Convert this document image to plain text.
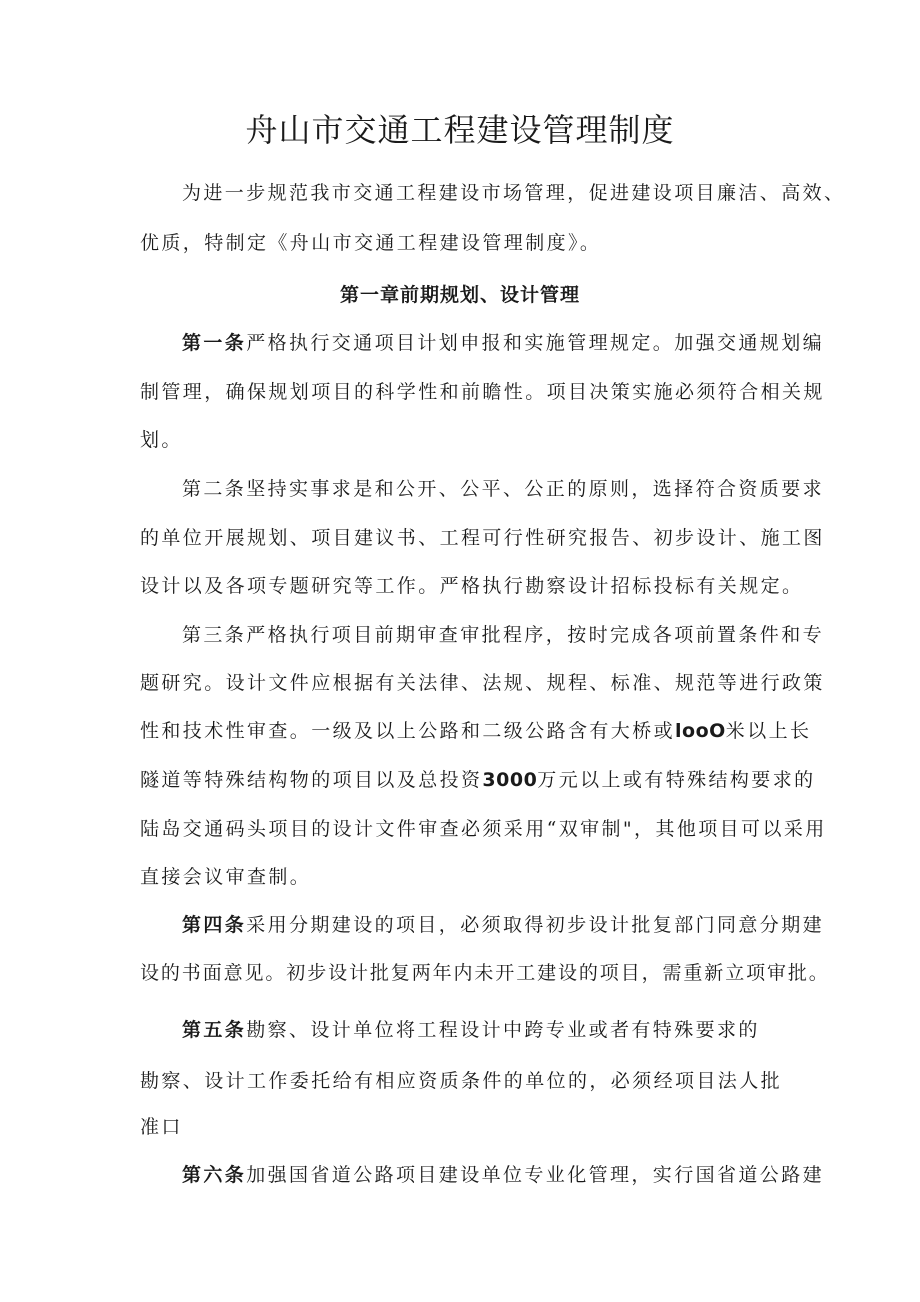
舟山市交通工程建设管理制度
为进一步规范我市交通工程建设市场管理，促进建设项目廉洁、高效、
优质，特制定《舟山市交通工程建设管理制度》。
第一章前期规划、设计管理
第一条严格执行交通项目计划申报和实施管理规定。加强交通规划编
制管理，确保规划项目的科学性和前瞻性。项目决策实施必须符合相关规
划。
第二条坚持实事求是和公开、公平、公正的原则，选择符合资质要求
的单位开展规划、项目建议书、工程可行性研究报告、初步设计、施工图
设计以及各项专题研究等工作。严格执行勘察设计招标投标有关规定。
第三条严格执行项目前期审查审批程序，按时完成各项前置条件和专
题研究。设计文件应根据有关法律、法规、规程、标准、规范等进行政策
性和技术性审查。一级及以上公路和二级公路含有大桥或looO米以上长
隧道等特殊结构物的项目以及总投资3000万元以上或有特殊结构要求的
陆岛交通码头项目的设计文件审查必须采用“双审制"，其他项目可以采用
直接会议审查制。
第四条采用分期建设的项目，必须取得初步设计批复部门同意分期建
设的书面意见。初步设计批复两年内未开工建设的项目，需重新立项审批。
第五条勘察、设计单位将工程设计中跨专业或者有特殊要求的
勘察、设计工作委托给有相应资质条件的单位的，必须经项目法人批
准口
第六条加强国省道公路项目建设单位专业化管理，实行国省道公路建
